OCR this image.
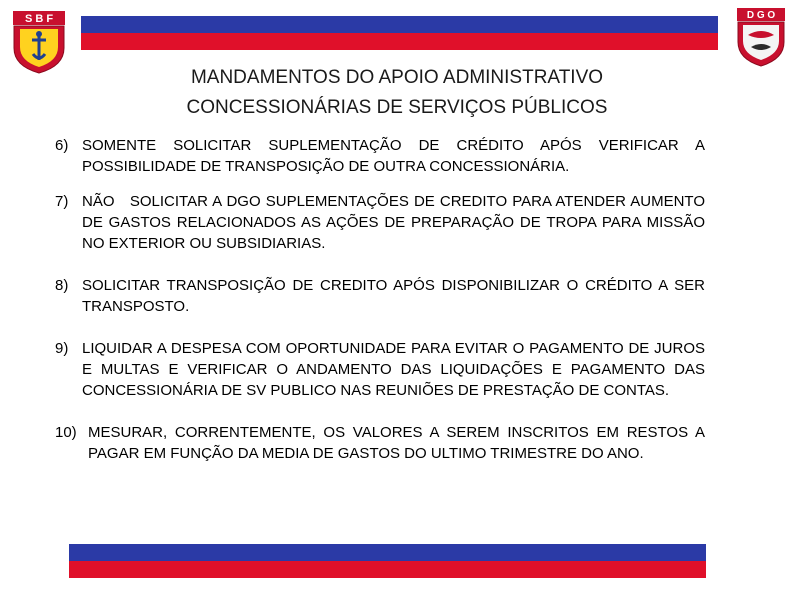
S B F	D G O
MANDAMENTOS DO APOIO ADMINISTRATIVO
CONCESSIONÁRIAS DE SERVIÇOS PÚBLICOS
6) SOMENTE SOLICITAR SUPLEMENTAÇÃO DE CRÉDITO APÓS VERIFICAR A POSSIBILIDADE DE TRANSPOSIÇÃO DE OUTRA CONCESSIONÁRIA.
7) NÃO   SOLICITAR A DGO SUPLEMENTAÇÕES DE CREDITO PARA ATENDER AUMENTO DE GASTOS RELACIONADOS AS AÇÕES DE PREPARAÇÃO DE TROPA PARA MISSÃO NO EXTERIOR OU SUBSIDIARIAS.
8) SOLICITAR TRANSPOSIÇÃO DE CREDITO APÓS DISPONIBILIZAR O CRÉDITO A SER TRANSPOSTO.
9) LIQUIDAR A DESPESA COM OPORTUNIDADE PARA EVITAR O PAGAMENTO DE JUROS E MULTAS E VERIFICAR O ANDAMENTO DAS LIQUIDAÇÕES E PAGAMENTO DAS CONCESSIONÁRIA DE SV PUBLICO NAS REUNIÕES DE PRESTAÇÃO DE CONTAS.
10) MESURAR, CORRENTEMENTE, OS VALORES A SEREM INSCRITOS EM RESTOS A PAGAR EM FUNÇÃO DA MEDIA DE GASTOS DO ULTIMO TRIMESTRE DO ANO.
